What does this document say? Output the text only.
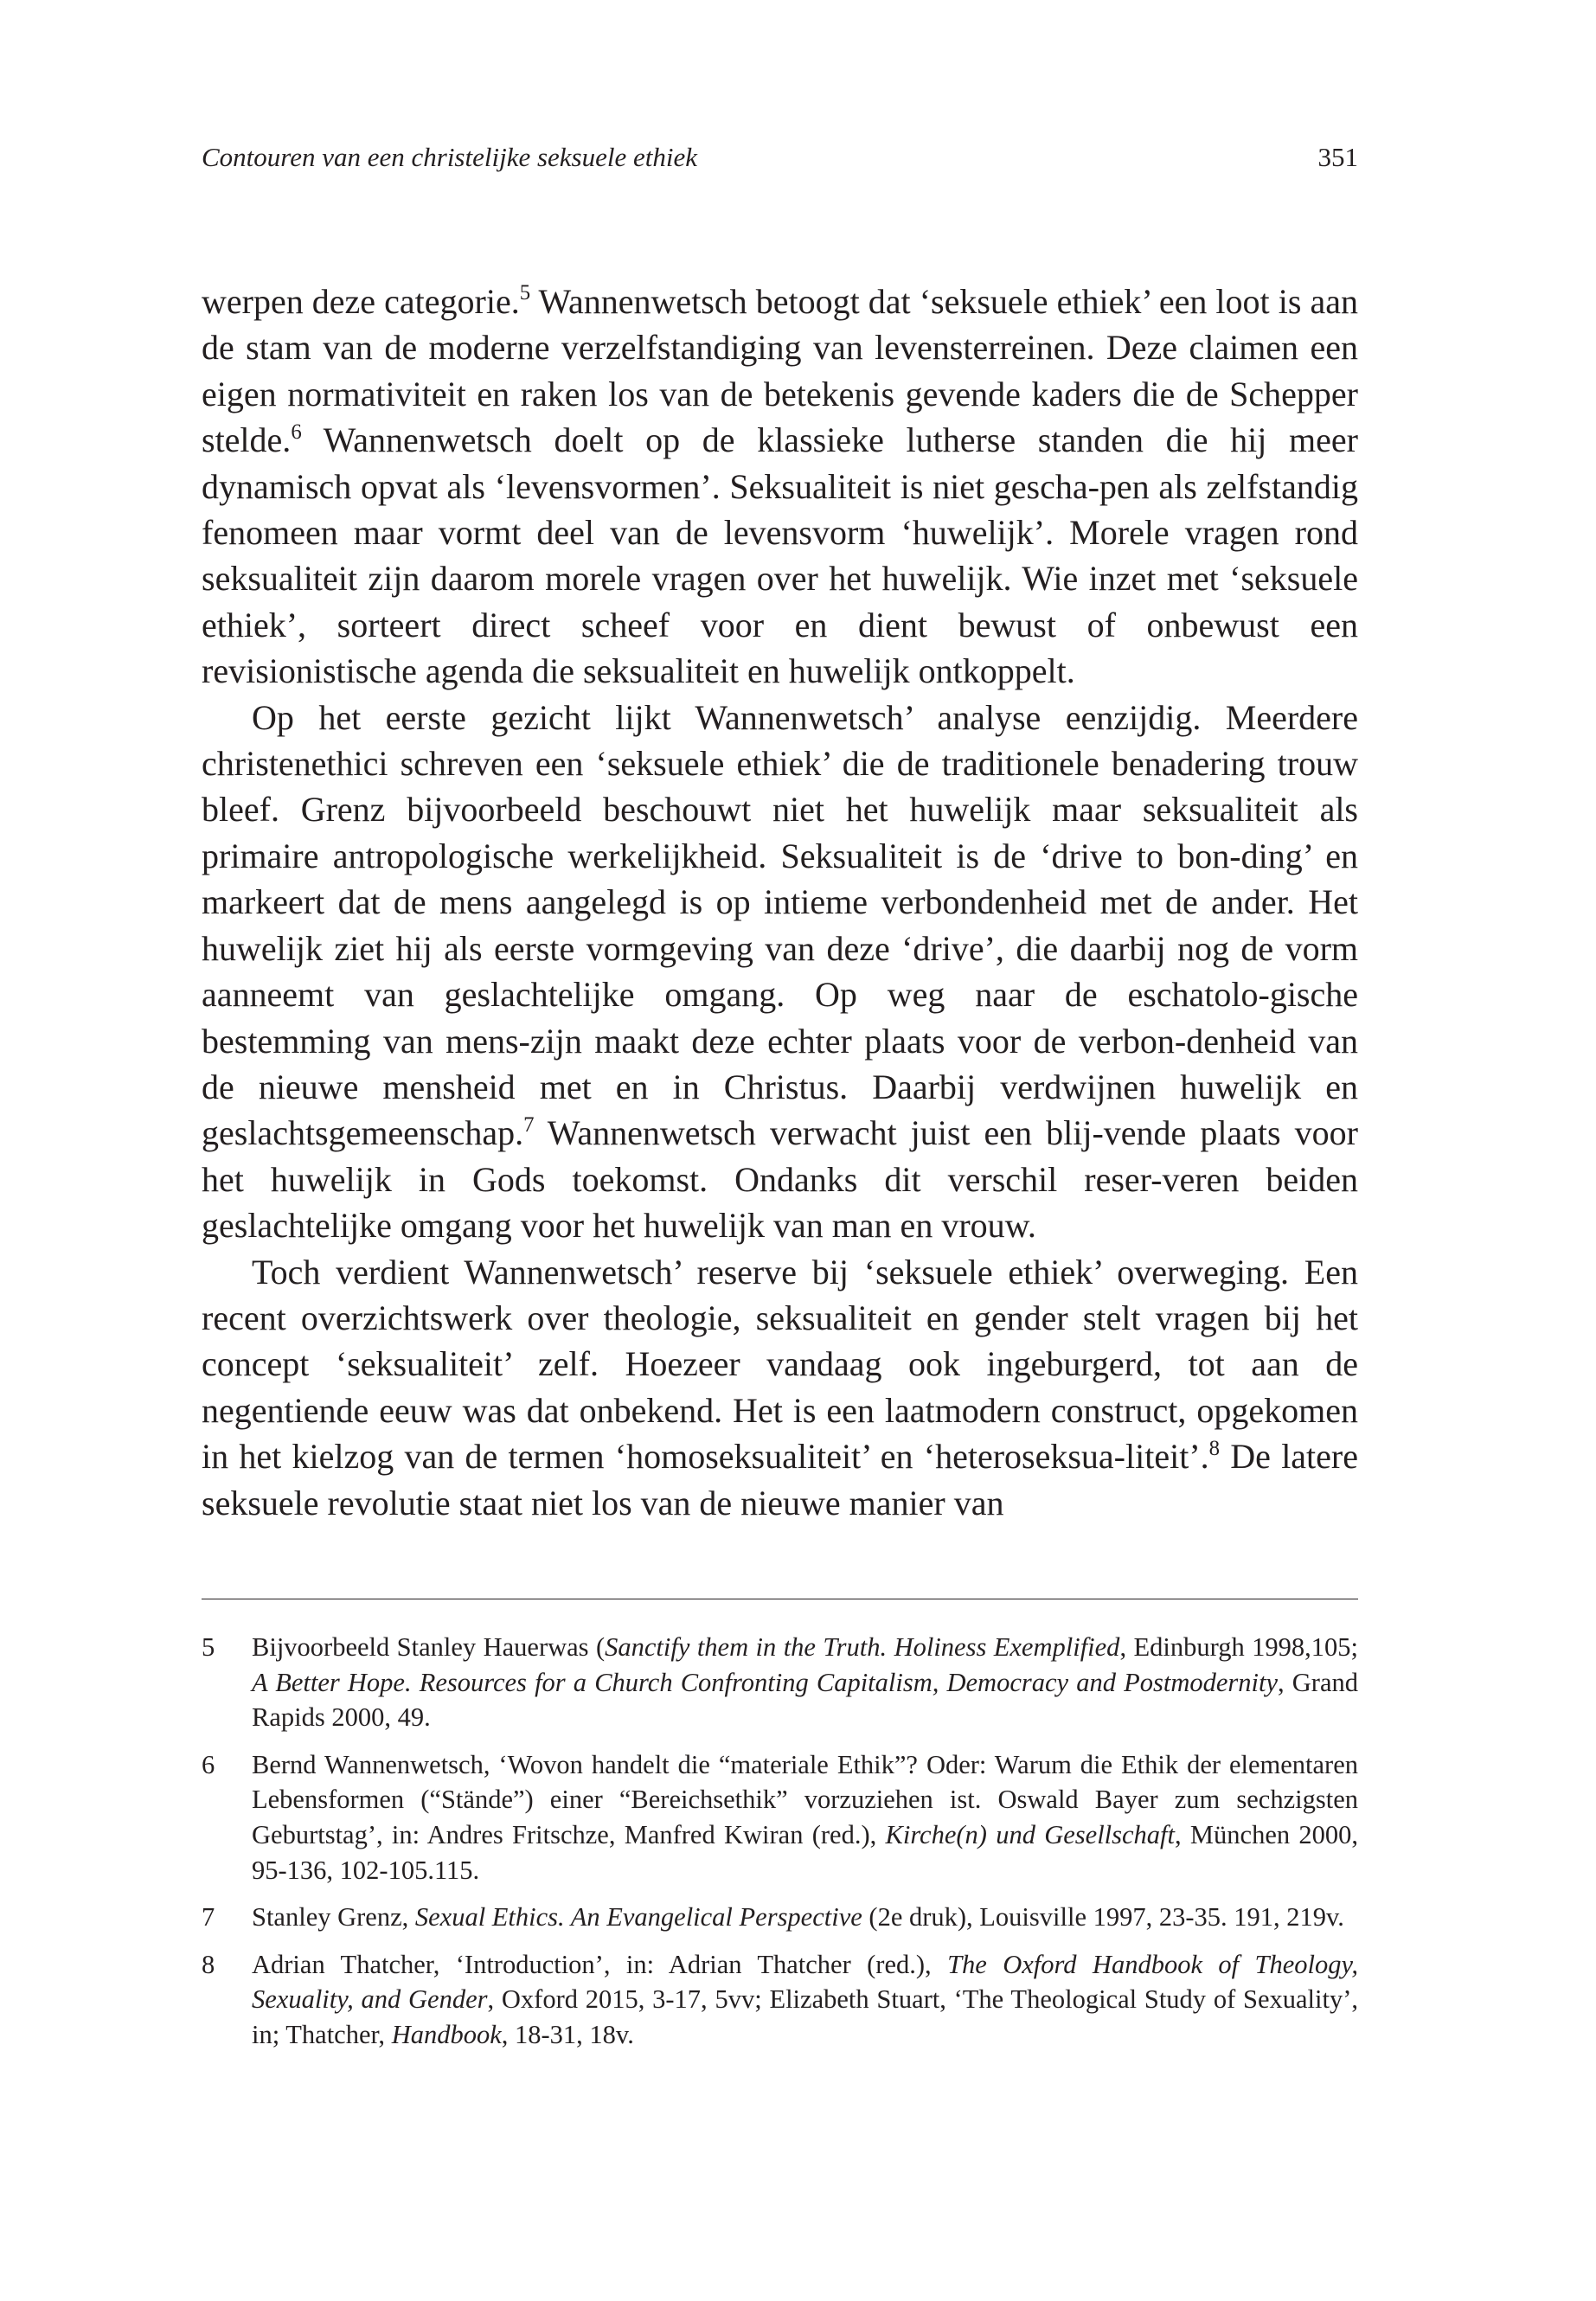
Contouren van een christelijke seksuele ethiek	351

werpen deze categorie.$^5$ Wannenwetsch betoogt dat ‘seksuele ethiek’ een loot is aan de stam van de moderne verzelfstandiging van levensterreinen. Deze claimen een eigen normativiteit en raken los van de betekenis gevende kaders die de Schepper stelde.$^6$ Wannenwetsch doelt op de klassieke lutherse standen die hij meer dynamisch opvat als ‘levensvormen’. Seksualiteit is niet gescha-pen als zelfstandig fenomeen maar vormt deel van de levensvorm ‘huwelijk’. Morele vragen rond seksualiteit zijn daarom morele vragen over het huwelijk. Wie inzet met ‘seksuele ethiek’, sorteert direct scheef voor en dient bewust of onbewust een revisionistische agenda die seksualiteit en huwelijk ontkoppelt.

Op het eerste gezicht lijkt Wannenwetsch’ analyse eenzijdig. Meerdere christenethici schreven een ‘seksuele ethiek’ die de traditionele benadering trouw bleef. Grenz bijvoorbeeld beschouwt niet het huwelijk maar seksualiteit als primaire antropologische werkelijkheid. Seksualiteit is de ‘drive to bon-ding’ en markeert dat de mens aangelegd is op intieme verbondenheid met de ander. Het huwelijk ziet hij als eerste vormgeving van deze ‘drive’, die daarbij nog de vorm aanneemt van geslachtelijke omgang. Op weg naar de eschatolo-gische bestemming van mens-zijn maakt deze echter plaats voor de verbon-denheid van de nieuwe mensheid met en in Christus. Daarbij verdwijnen huwelijk en geslachtsgemeenschap.$^7$ Wannenwetsch verwacht juist een blij-vende plaats voor het huwelijk in Gods toekomst. Ondanks dit verschil reser-veren beiden geslachtelijke omgang voor het huwelijk van man en vrouw.

Toch verdient Wannenwetsch’ reserve bij ‘seksuele ethiek’ overweging. Een recent overzichtswerk over theologie, seksualiteit en gender stelt vragen bij het concept ‘seksualiteit’ zelf. Hoezeer vandaag ook ingeburgerd, tot aan de negentiende eeuw was dat onbekend. Het is een laatmodern construct, opgekomen in het kielzog van de termen ‘homoseksualiteit’ en ‘heteroseksua-liteit’.$^8$ De latere seksuele revolutie staat niet los van de nieuwe manier van

5	Bijvoorbeeld Stanley Hauerwas (Sanctify them in the Truth. Holiness Exemplified, Edinburgh 1998,105; A Better Hope. Resources for a Church Confronting Capitalism, Democracy and Postmodernity, Grand Rapids 2000, 49.
6	Bernd Wannenwetsch, ‘Wovon handelt die “materiale Ethik”? Oder: Warum die Ethik der elementaren Lebensformen (“Stände”) einer “Bereichsethik” vorzuziehen ist. Oswald Bayer zum sechzigsten Geburtstag’, in: Andres Fritschze, Manfred Kwiran (red.), Kirche(n) und Gesellschaft, München 2000, 95-136, 102-105.115.
7	Stanley Grenz, Sexual Ethics. An Evangelical Perspective (2e druk), Louisville 1997, 23-35. 191, 219v.
8	Adrian Thatcher, ‘Introduction’, in: Adrian Thatcher (red.), The Oxford Handbook of Theology, Sexuality, and Gender, Oxford 2015, 3-17, 5vv; Elizabeth Stuart, ‘The Theological Study of Sexuality’, in; Thatcher, Handbook, 18-31, 18v.
